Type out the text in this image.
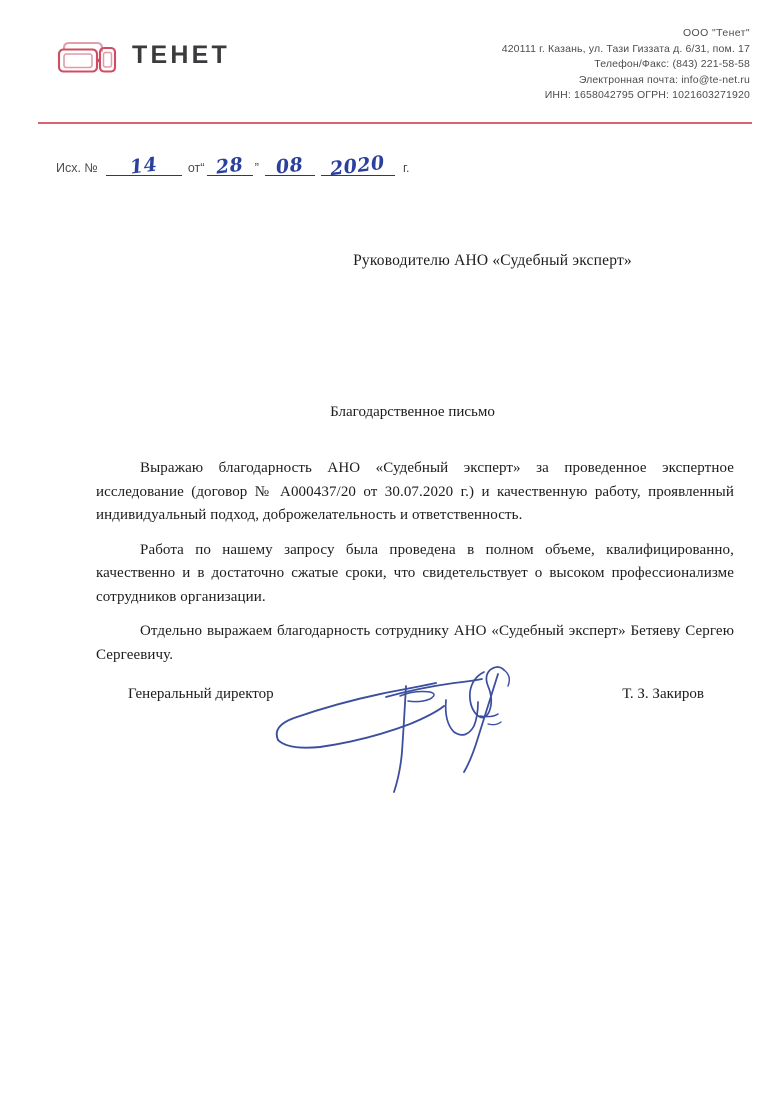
ТЕНЕТ
ООО "Тенет"
420111 г. Казань, ул. Тази Гиззата д. 6/31, пом. 17
Телефон/Факс: (843) 221-58-58
Электронная почта: info@te-net.ru
ИНН: 1658042795 ОГРН: 1021603271920
Исх. №	14	от “ 28 ” 08	2020	г.
Руководителю АНО «Судебный эксперт»
Благодарственное письмо

Выражаю благодарность АНО «Судебный эксперт» за проведенное экспертное исследование (договор № А000437/20 от 30.07.2020 г.) и качественную работу, проявленный индивидуальный подход, доброжелательность и ответственность.

Работа по нашему запросу была проведена в полном объеме, квалифицированно, качественно и в достаточно сжатые сроки, что свидетельствует о высоком профессионализме сотрудников организации.

Отдельно выражаем благодарность сотруднику АНО «Судебный эксперт» Бетяеву Сергею Сергеевичу.

Генеральный директор	Т. З. Закиров
